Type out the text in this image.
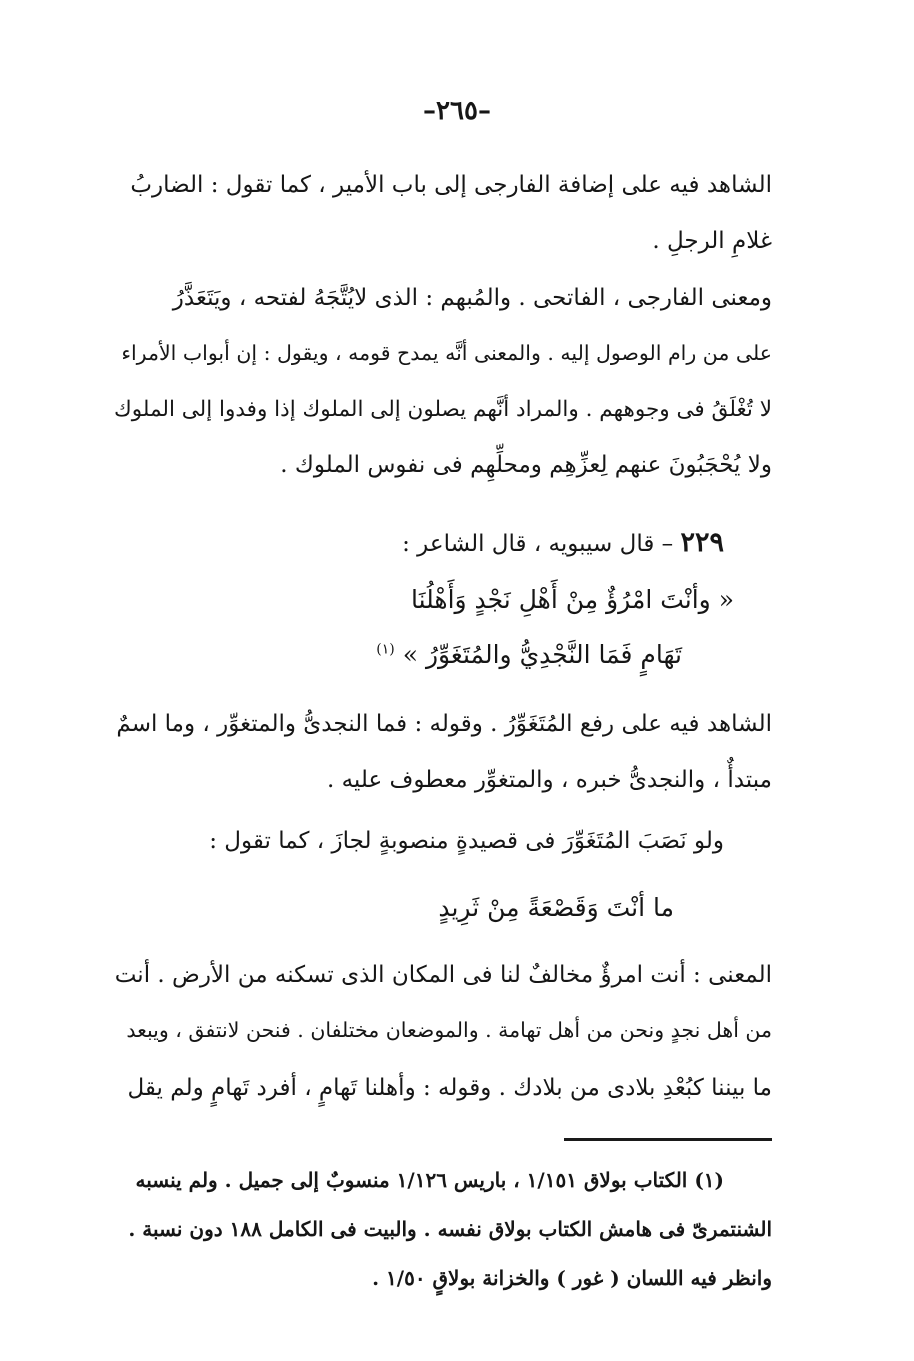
–٢٦٥–
الشاهد فيه على إضافة الفارجى إلى باب الأمير ، كما تقول : الضاربُ
غلامِ الرجلِ .
ومعنى الفارجى ، الفاتحى . والمُبهم : الذى لايُتَّجَهُ لفتحه ، ويَتَعَذَّرُ
على من رام الوصول إليه . والمعنى أنَّه يمدح قومه ، ويقول : إن أبواب الأمراء
لا تُغْلَقُ فى وجوههم . والمراد أنَّهم يصلون إلى الملوك إذا وفدوا إلى الملوك
ولا يُحْجَبُونَ عنهم لِعزِّهِم ومحلِّهِم فى نفوس الملوك .
٢٢٩ – قال سيبويه ، قال الشاعر :
« وأنْتَ امْرُؤٌ مِنْ أَهْلِ نَجْدٍ وَأَهْلُنَا
تَهَامٍ فَمَا النَّجْدِيُّ والمُتَغَوِّرُ » $^{(١)}$
الشاهد فيه على رفع المُتَغَوِّرُ . وقوله : فما النجدىُّ والمتغوِّر ، وما اسمٌ
مبتدأٌ ، والنجدىُّ خبره ، والمتغوِّر معطوف عليه .
ولو نَصَبَ المُتَغَوِّرَ فى قصيدةٍ منصوبةٍ لجازَ ، كما تقول :
ما أنْتَ وَقَصْعَةً مِنْ ثَرِيدٍ
المعنى : أنت امرؤٌ مخالفٌ لنا فى المكان الذى تسكنه من الأرض . أنت
من أهل نجدٍ ونحن من أهل تهامة . والموضعان مختلفان . فنحن لانتفق ، ويبعد
ما بيننا كبُعْدِ بلادى من بلادك . وقوله : وأهلنا تَهامٍ ، أفرد تَهامٍ ولم يقل
(١) الكتاب بولاق ١/١٥١ ، باريس ١/١٢٦ منسوبٌ إلى جميل . ولم ينسبه
الشنتمرىّ فى هامش الكتاب بولاق نفسه . والبيت فى الكامل ١٨٨ دون نسبة .
وانظر فيه اللسان ( غور ) والخزانة بولاقٍ ١/٥٠ .
